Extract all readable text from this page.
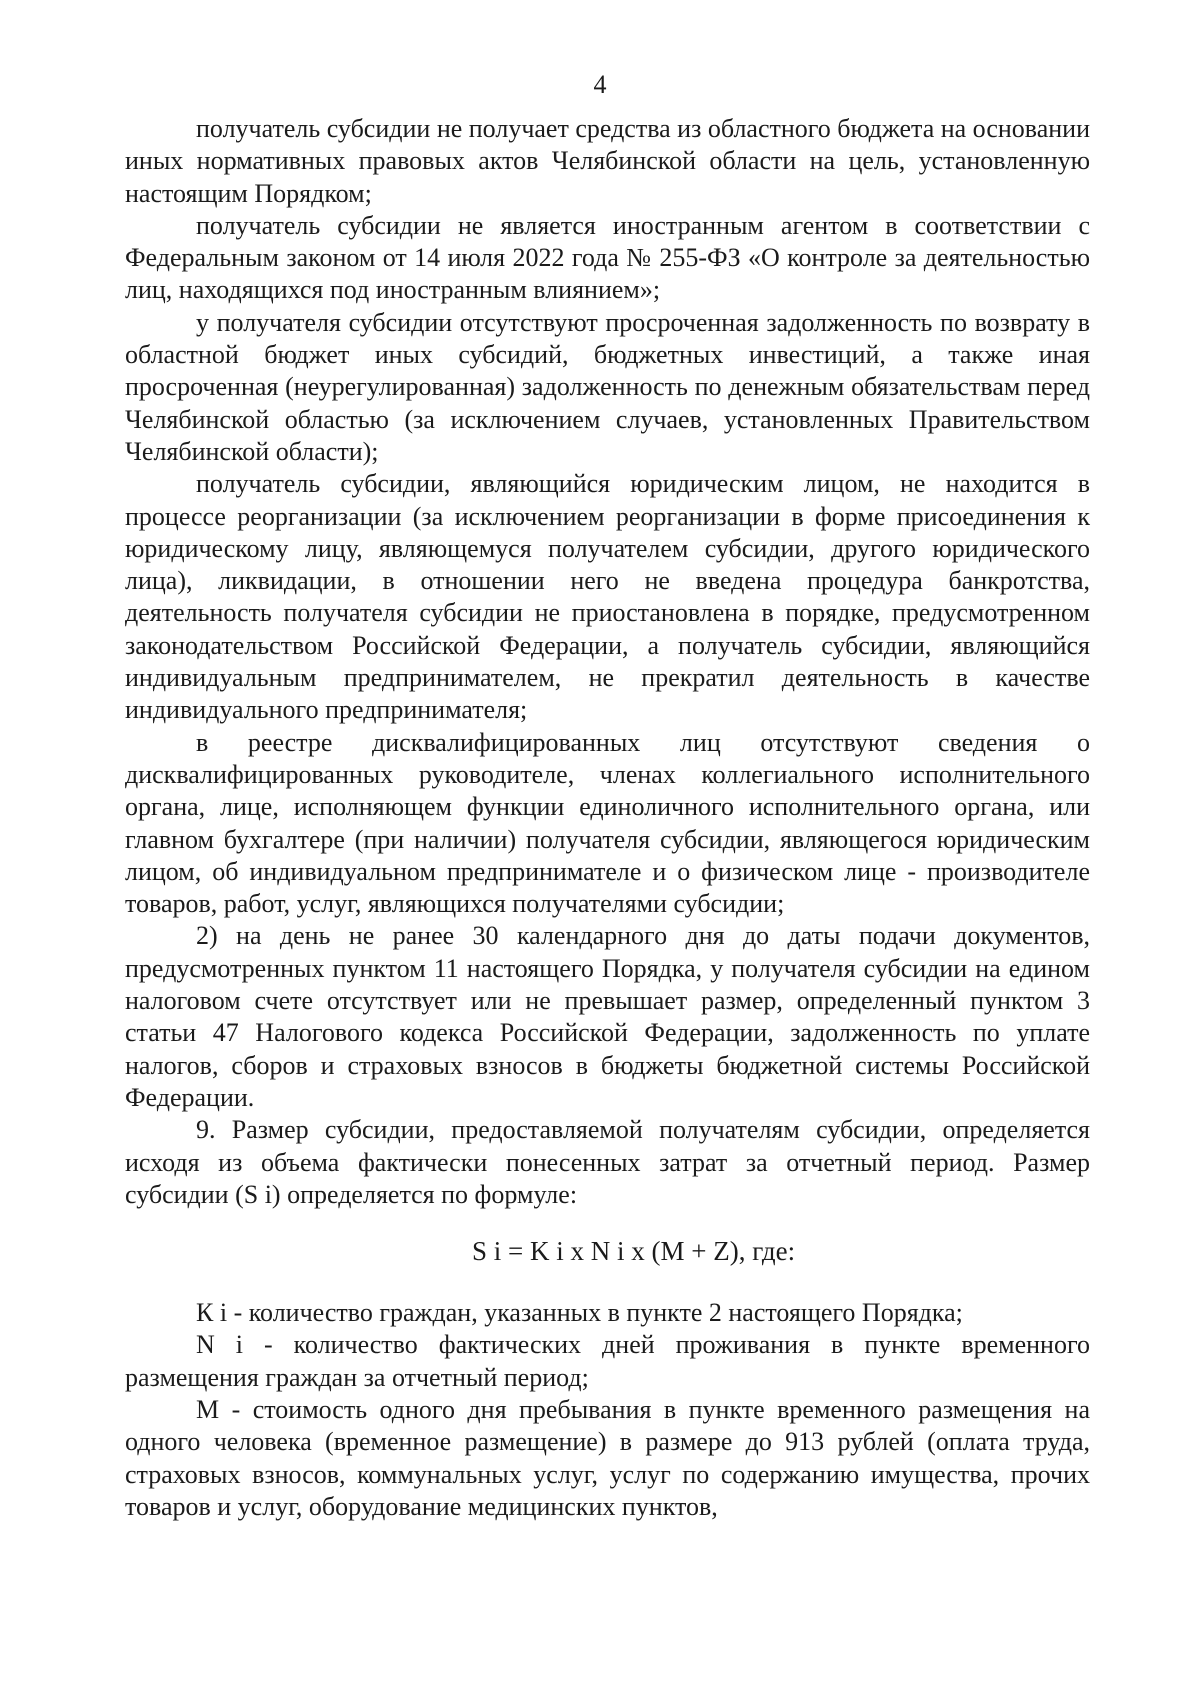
4

получатель субсидии не получает средства из областного бюджета на основании иных нормативных правовых актов Челябинской области на цель, установленную настоящим Порядком;

получатель субсидии не является иностранным агентом в соответствии с Федеральным законом от 14 июля 2022 года № 255-ФЗ «О контроле за деятельностью лиц, находящихся под иностранным влиянием»;

у получателя субсидии отсутствуют просроченная задолженность по возврату в областной бюджет иных субсидий, бюджетных инвестиций, а также иная просроченная (неурегулированная) задолженность по денежным обязательствам перед Челябинской областью (за исключением случаев, установленных Правительством Челябинской области);

получатель субсидии, являющийся юридическим лицом, не находится в процессе реорганизации (за исключением реорганизации в форме присоединения к юридическому лицу, являющемуся получателем субсидии, другого юридического лица), ликвидации, в отношении него не введена процедура банкротства, деятельность получателя субсидии не приостановлена в порядке, предусмотренном законодательством Российской Федерации, а получатель субсидии, являющийся индивидуальным предпринимателем, не прекратил деятельность в качестве индивидуального предпринимателя;

в реестре дисквалифицированных лиц отсутствуют сведения о дисквалифицированных руководителе, членах коллегиального исполнительного органа, лице, исполняющем функции единоличного исполнительного органа, или главном бухгалтере (при наличии) получателя субсидии, являющегося юридическим лицом, об индивидуальном предпринимателе и о физическом лице - производителе товаров, работ, услуг, являющихся получателями субсидии;

2) на день не ранее 30 календарного дня до даты подачи документов, предусмотренных пунктом 11 настоящего Порядка, у получателя субсидии на едином налоговом счете отсутствует или не превышает размер, определенный пунктом 3 статьи 47 Налогового кодекса Российской Федерации, задолженность по уплате налогов, сборов и страховых взносов в бюджеты бюджетной системы Российской Федерации.

9. Размер субсидии, предоставляемой получателям субсидии, определяется исходя из объема фактически понесенных затрат за отчетный период. Размер субсидии (S i) определяется по формуле:

S i = K i x N i x (M + Z), где:

К i - количество граждан, указанных в пункте 2 настоящего Порядка;

N i - количество фактических дней проживания в пункте временного размещения граждан за отчетный период;

М - стоимость одного дня пребывания в пункте временного размещения на одного человека (временное размещение) в размере до 913 рублей (оплата труда, страховых взносов, коммунальных услуг, услуг по содержанию имущества, прочих товаров и услуг, оборудование медицинских пунктов,
